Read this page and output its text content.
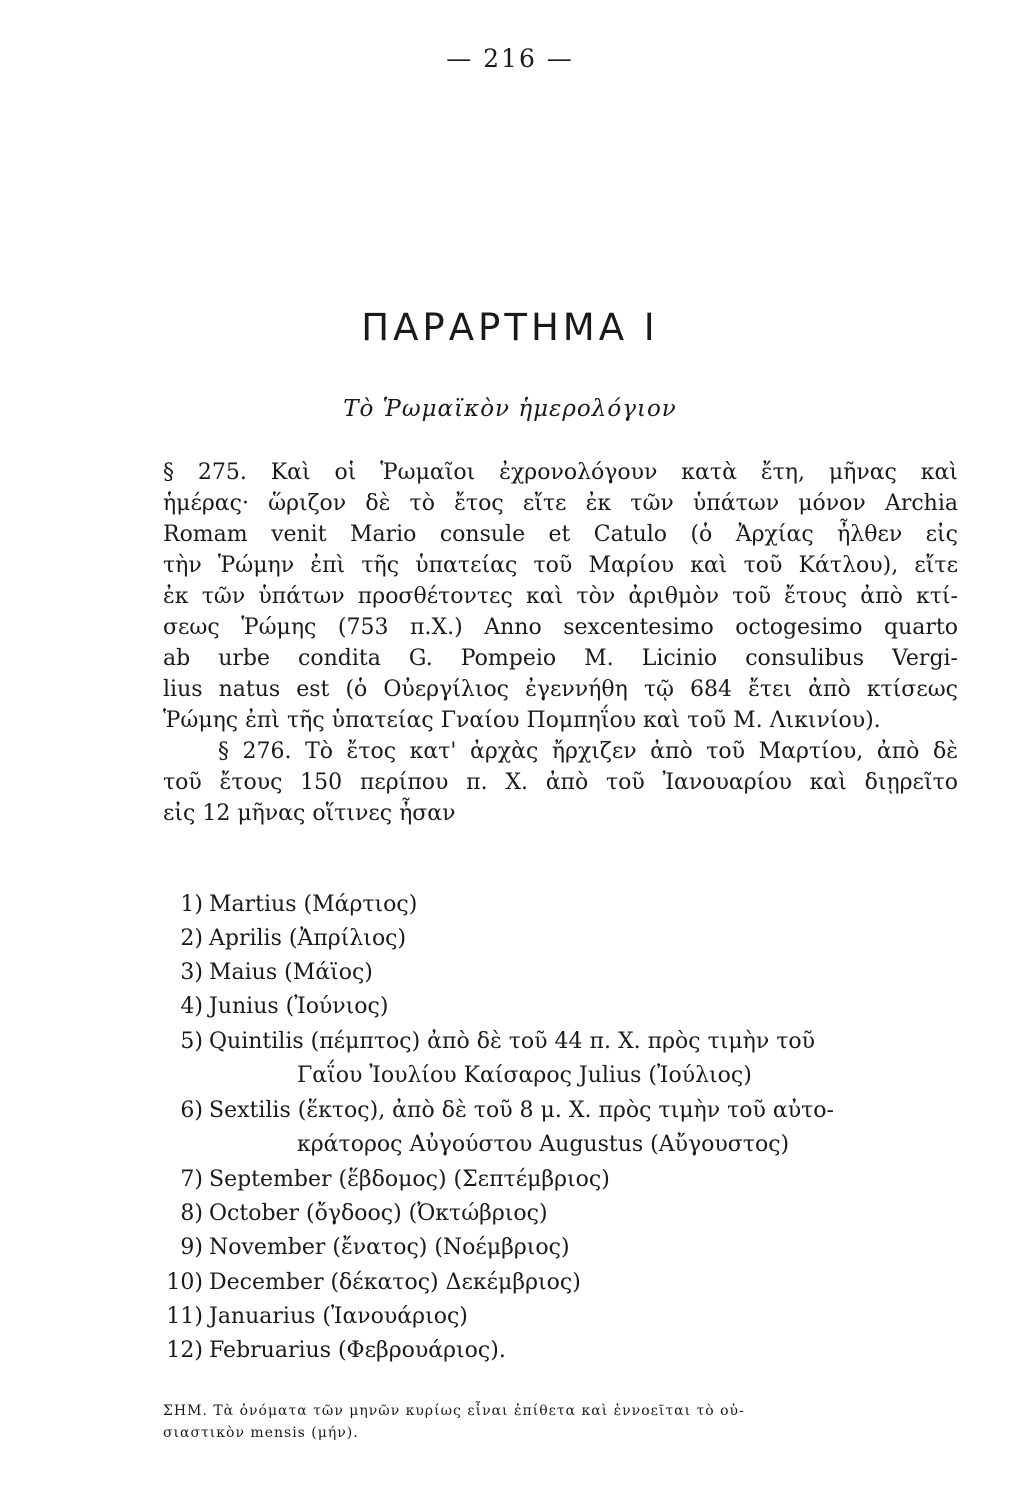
— 216 —
ΠΑΡΑΡΤΗΜΑ Ι
Τὸ Ῥωμαϊκὸν ἡμερολόγιον
§ 275. Καὶ οἱ Ῥωμαῖοι ἐχρονολόγουν κατὰ ἔτη, μῆνας καὶ
ἡμέρας· ὥριζον δὲ τὸ ἔτος εἴτε ἐκ τῶν ὑπάτων μόνον Archia
Romam venit Mario consule et Catulo (ὁ Ἀρχίας ἦλθεν εἰς
τὴν Ῥώμην ἐπὶ τῆς ὑπατείας τοῦ Μαρίου καὶ τοῦ Κάτλου), εἴτε
ἐκ τῶν ὑπάτων προσθέτοντες καὶ τὸν ἀριθμὸν τοῦ ἔτους ἀπὸ κτί-
σεως Ῥώμης (753 π.Χ.) Anno sexcentesimo octogesimo quarto
ab urbe condita G. Pompeio M. Licinio consulibus Vergi-
lius natus est (ὁ Οὐεργίλιος ἐγεννήθη τῷ 684 ἔτει ἀπὸ κτίσεως
Ῥώμης ἐπὶ τῆς ὑπατείας Γναίου Πομπηΐου καὶ τοῦ Μ. Λικινίου).
§ 276. Τὸ ἔτος κατ' ἀρχὰς ἤρχιζεν ἀπὸ τοῦ Μαρτίου, ἀπὸ δὲ
τοῦ ἔτους 150 περίπου π. Χ. ἀπὸ τοῦ Ἰανουαρίου καὶ διῃρεῖτο
εἰς 12 μῆνας οἵτινες ἦσαν
1) Martius (Μάρτιος)
2) Aprilis (Ἀπρίλιος)
3) Maius (Μάϊος)
4) Junius (Ἰούνιος)
5) Quintilis (πέμπτος) ἀπὸ δὲ τοῦ 44 π. Χ. πρὸς τιμὴν τοῦ
Γαΐου Ἰουλίου Καίσαρος Julius (Ἰούλιος)
6) Sextilis (ἕκτος), ἀπὸ δὲ τοῦ 8 μ. Χ. πρὸς τιμὴν τοῦ αὐτο-
κράτορος Αὐγούστου Augustus (Αὔγουστος)
7) September (ἕβδομος) (Σεπτέμβριος)
8) October (ὄγδοος) (Ὀκτώβριος)
9) November (ἔνατος) (Νοέμβριος)
10) December (δέκατος) Δεκέμβριος)
11) Januarius (Ἰανουάριος)
12) Februarius (Φεβρουάριος).
ΣΗΜ. Τὰ ὀνόματα τῶν μηνῶν κυρίως εἶναι ἐπίθετα καὶ ἐννοεῖται τὸ οὐ-
σιαστικὸν mensis (μήν).
